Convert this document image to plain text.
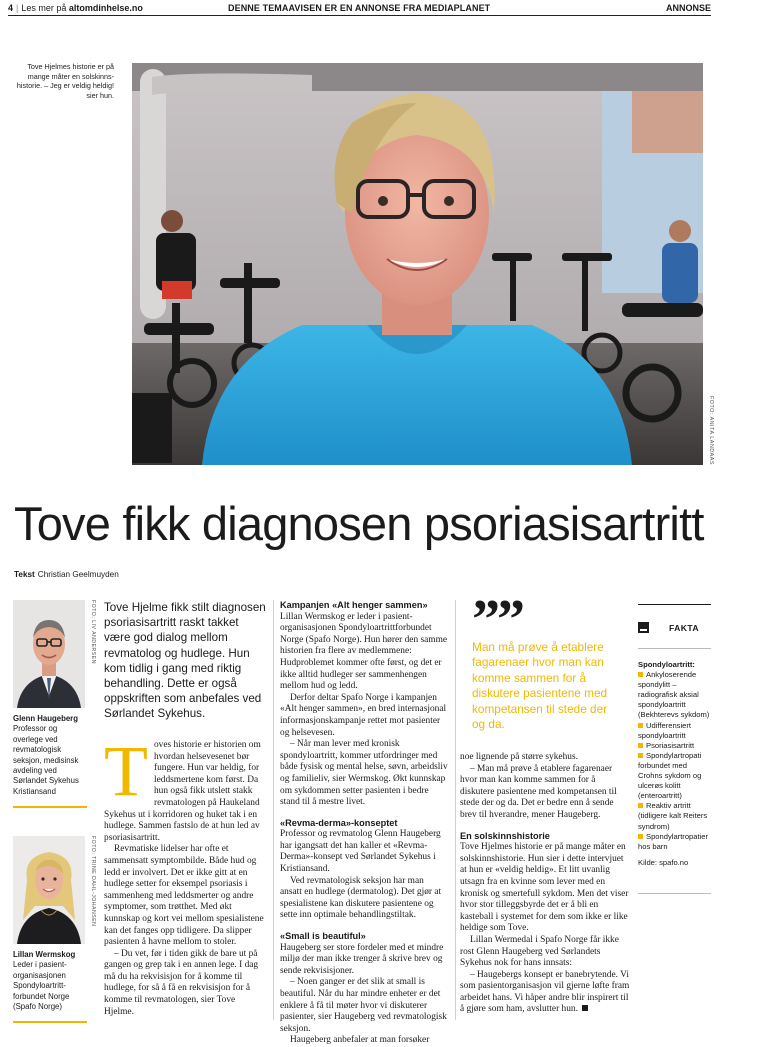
4 | Les mer på altomdinhelse.no	DENNE TEMAAVISEN ER EN ANNONSE FRA MEDIAPLANET	ANNONSE
Tove Hjelmes historie er på mange måter en solskinns-historie. – Jeg er veldig heldig! sier hun.
FOTO: ANITA LANDAAS
Tove fikk diagnosen psoriasisartritt
Tekst Christian Geelmuyden
Glenn Haugeberg
Professor og overlege ved revmatologisk seksjon, medisinsk avdeling ved Sørlandet Sykehus Kristiansand
FOTO: LIV ANDERSEN
Lillan Wermskog
Leder i pasient-organisasjonen Spondyloartritt-forbundet Norge (Spafo Norge)
FOTO: TRINE DAHL-JOHANSEN
Tove Hjelme fikk stilt diagnosen psoriasisartritt raskt takket være god dialog mellom revmatolog og hudlege. Hun kom tidlig i gang med riktig behandling. Dette er også oppskriften som anbefales ved Sørlandet Sykehus.

Toves historie er historien om hvordan helsevesenet bør fungere. Hun var heldig, for leddsmertene kom først. Da hun også fikk utslett stakk revmatologen på Haukeland Sykehus ut i korridoren og huket tak i en hudlege. Sammen fastslo de at hun led av psoriasisartritt.

Revmatiske lidelser har ofte et sammensatt symptombilde. Både hud og ledd er involvert. Det er ikke gitt at en hudlege setter for eksempel psoriasis i sammenheng med leddsmerter og andre symptomer, som trøtthet. Med økt kunnskap og kort vei mellom spesialistene kan det fanges opp tidligere. Da slipper pasienten å havne mellom to stoler.

– Du vet, før i tiden gikk de bare ut på gangen og grep tak i en annen lege. I dag må du ha rekvisisjon for å komme til hudlege, for så å få en rekvisisjon for å komme til revmatologen, sier Tove Hjelme.

Kampanjen «Alt henger sammen»

Lillan Wermskog er leder i pasient-organisasjonen Spondyloartrittforbundet Norge (Spafo Norge). Hun hører den samme historien fra flere av medlemmene: Hudproblemet kommer ofte først, og det er ikke alltid hudleger ser sammenhengen mellom hud og ledd.

Derfor deltar Spafo Norge i kampanjen «Alt henger sammen», en bred internasjonal informasjonskampanje rettet mot pasienter og helsevesen.

– Når man lever med kronisk spondyloartritt, kommer utfordringer med både fysisk og mental helse, søvn, arbeidsliv og familieliv, sier Wermskog. Økt kunnskap om sykdommen setter pasienten i bedre stand til å mestre livet.

«Revma-derma»-konseptet

Professor og revmatolog Glenn Haugeberg har igangsatt det han kaller et «Revma-Derma»-konsept ved Sørlandet Sykehus i Kristiansand.

Ved revmatologisk seksjon har man ansatt en hudlege (dermatolog). Det gjør at spesialistene kan diskutere pasientene og sette inn optimale behandlingstiltak.

«Small is beautiful»

Haugeberg ser store fordeler med et mindre miljø der man ikke trenger å skrive brev og sende rekvisisjoner.

– Noen ganger er det slik at small is beautiful. Når du har mindre enheter er det enklere å få til møter hvor vi diskuterer pasienter, sier Haugeberg ved revmatologisk seksjon.

Haugeberg anbefaler at man forsøker

””
Man må prøve å etablere fagarenaer hvor man kan komme sammen for å diskutere pasientene med kompetansen til stede der og da.

noe lignende på større sykehus.

– Man må prøve å etablere fagarenaer hvor man kan komme sammen for å diskutere pasientene med kompetansen til stede der og da. Det er bedre enn å sende brev til hverandre, mener Haugeberg.

En solskinnshistorie

Tove Hjelmes historie er på mange måter en solskinnshistorie. Hun sier i dette intervjuet at hun er «veldig heldig». Et litt uvanlig utsagn fra en kvinne som lever med en kronisk og smertefull sykdom. Men det viser hvor stor tilleggsbyrde det er å bli en kasteball i systemet for dem som ikke er like heldige som Tove.

Lillan Wermedal i Spafo Norge får ikke rost Glenn Haugeberg ved Sørlandets Sykehus nok for hans innsats:

– Haugebergs konsept er banebrytende. Vi som pasientorganisasjon vil gjerne løfte fram arbeidet hans. Vi håper andre blir inspirert til å gjøre som ham, avslutter hun.

FAKTA
Spondyloartritt:
Ankyloserende spondylitt – radiografisk aksial spondyloartritt (Bekhterevs sykdom)
Udifferensiert spondyloartritt
Psoriasisartritt
Spondylartropati forbundet med Crohns sykdom og ulcerøs kolitt (enteroartritt)
Reaktiv artritt (tidligere kalt Reiters syndrom)
Spondylartropatier hos barn
Kilde: spafo.no
